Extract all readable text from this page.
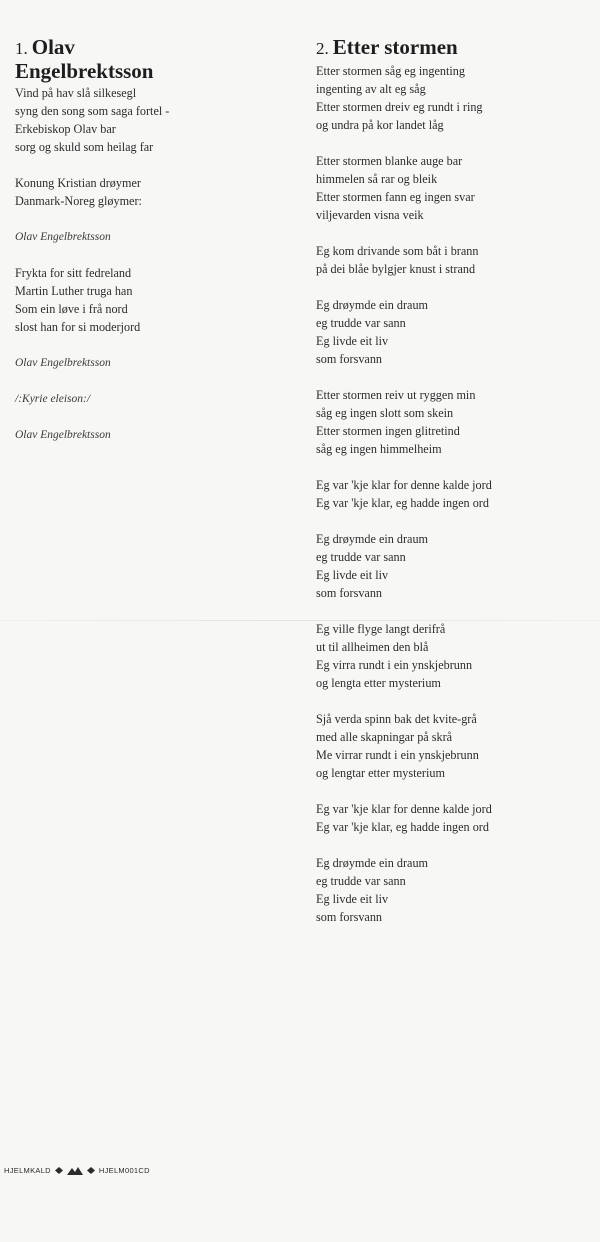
1. Olav
Engelbrektsson
Vind på hav slå silkesegl
syng den song som saga fortel -
Erkebiskop Olav bar
sorg og skuld som heilag far
Konung Kristian drøymer
Danmark-Noreg gløymer:
Olav Engelbrektsson
Frykta for sitt fedreland
Martin Luther truga han
Som ein løve i frå nord
slost han for si moderjord
Olav Engelbrektsson
/:Kyrie eleison:/
Olav Engelbrektsson
2. Etter stormen
Etter stormen såg eg ingenting
ingenting av alt eg såg
Etter stormen dreiv eg rundt i ring
og undra på kor landet låg
Etter stormen blanke auge bar
himmelen så rar og bleik
Etter stormen fann eg ingen svar
viljevarden visna veik
Eg kom drivande som båt i brann
på dei blåe bylgjer knust i strand
Eg drøymde ein draum
eg trudde var sann
Eg livde eit liv
som forsvann
Etter stormen reiv ut ryggen min
såg eg ingen slott som skein
Etter stormen ingen glitretind
såg eg ingen himmelheim
Eg var 'kje klar for denne kalde jord
Eg var 'kje klar, eg hadde ingen ord
Eg drøymde ein draum
eg trudde var sann
Eg livde eit liv
som forsvann
Eg ville flyge langt derifrå
ut til allheimen den blå
Eg virra rundt i ein ynskjebrunn
og lengta etter mysterium
Sjå verda spinn bak det kvite-grå
med alle skapningar på skrå
Me virrar rundt i ein ynskjebrunn
og lengtar etter mysterium
Eg var 'kje klar for denne kalde jord
Eg var 'kje klar, eg hadde ingen ord
Eg drøymde ein draum
eg trudde var sann
Eg livde eit liv
som forsvann
HJELMKALD	HJELM001CD
